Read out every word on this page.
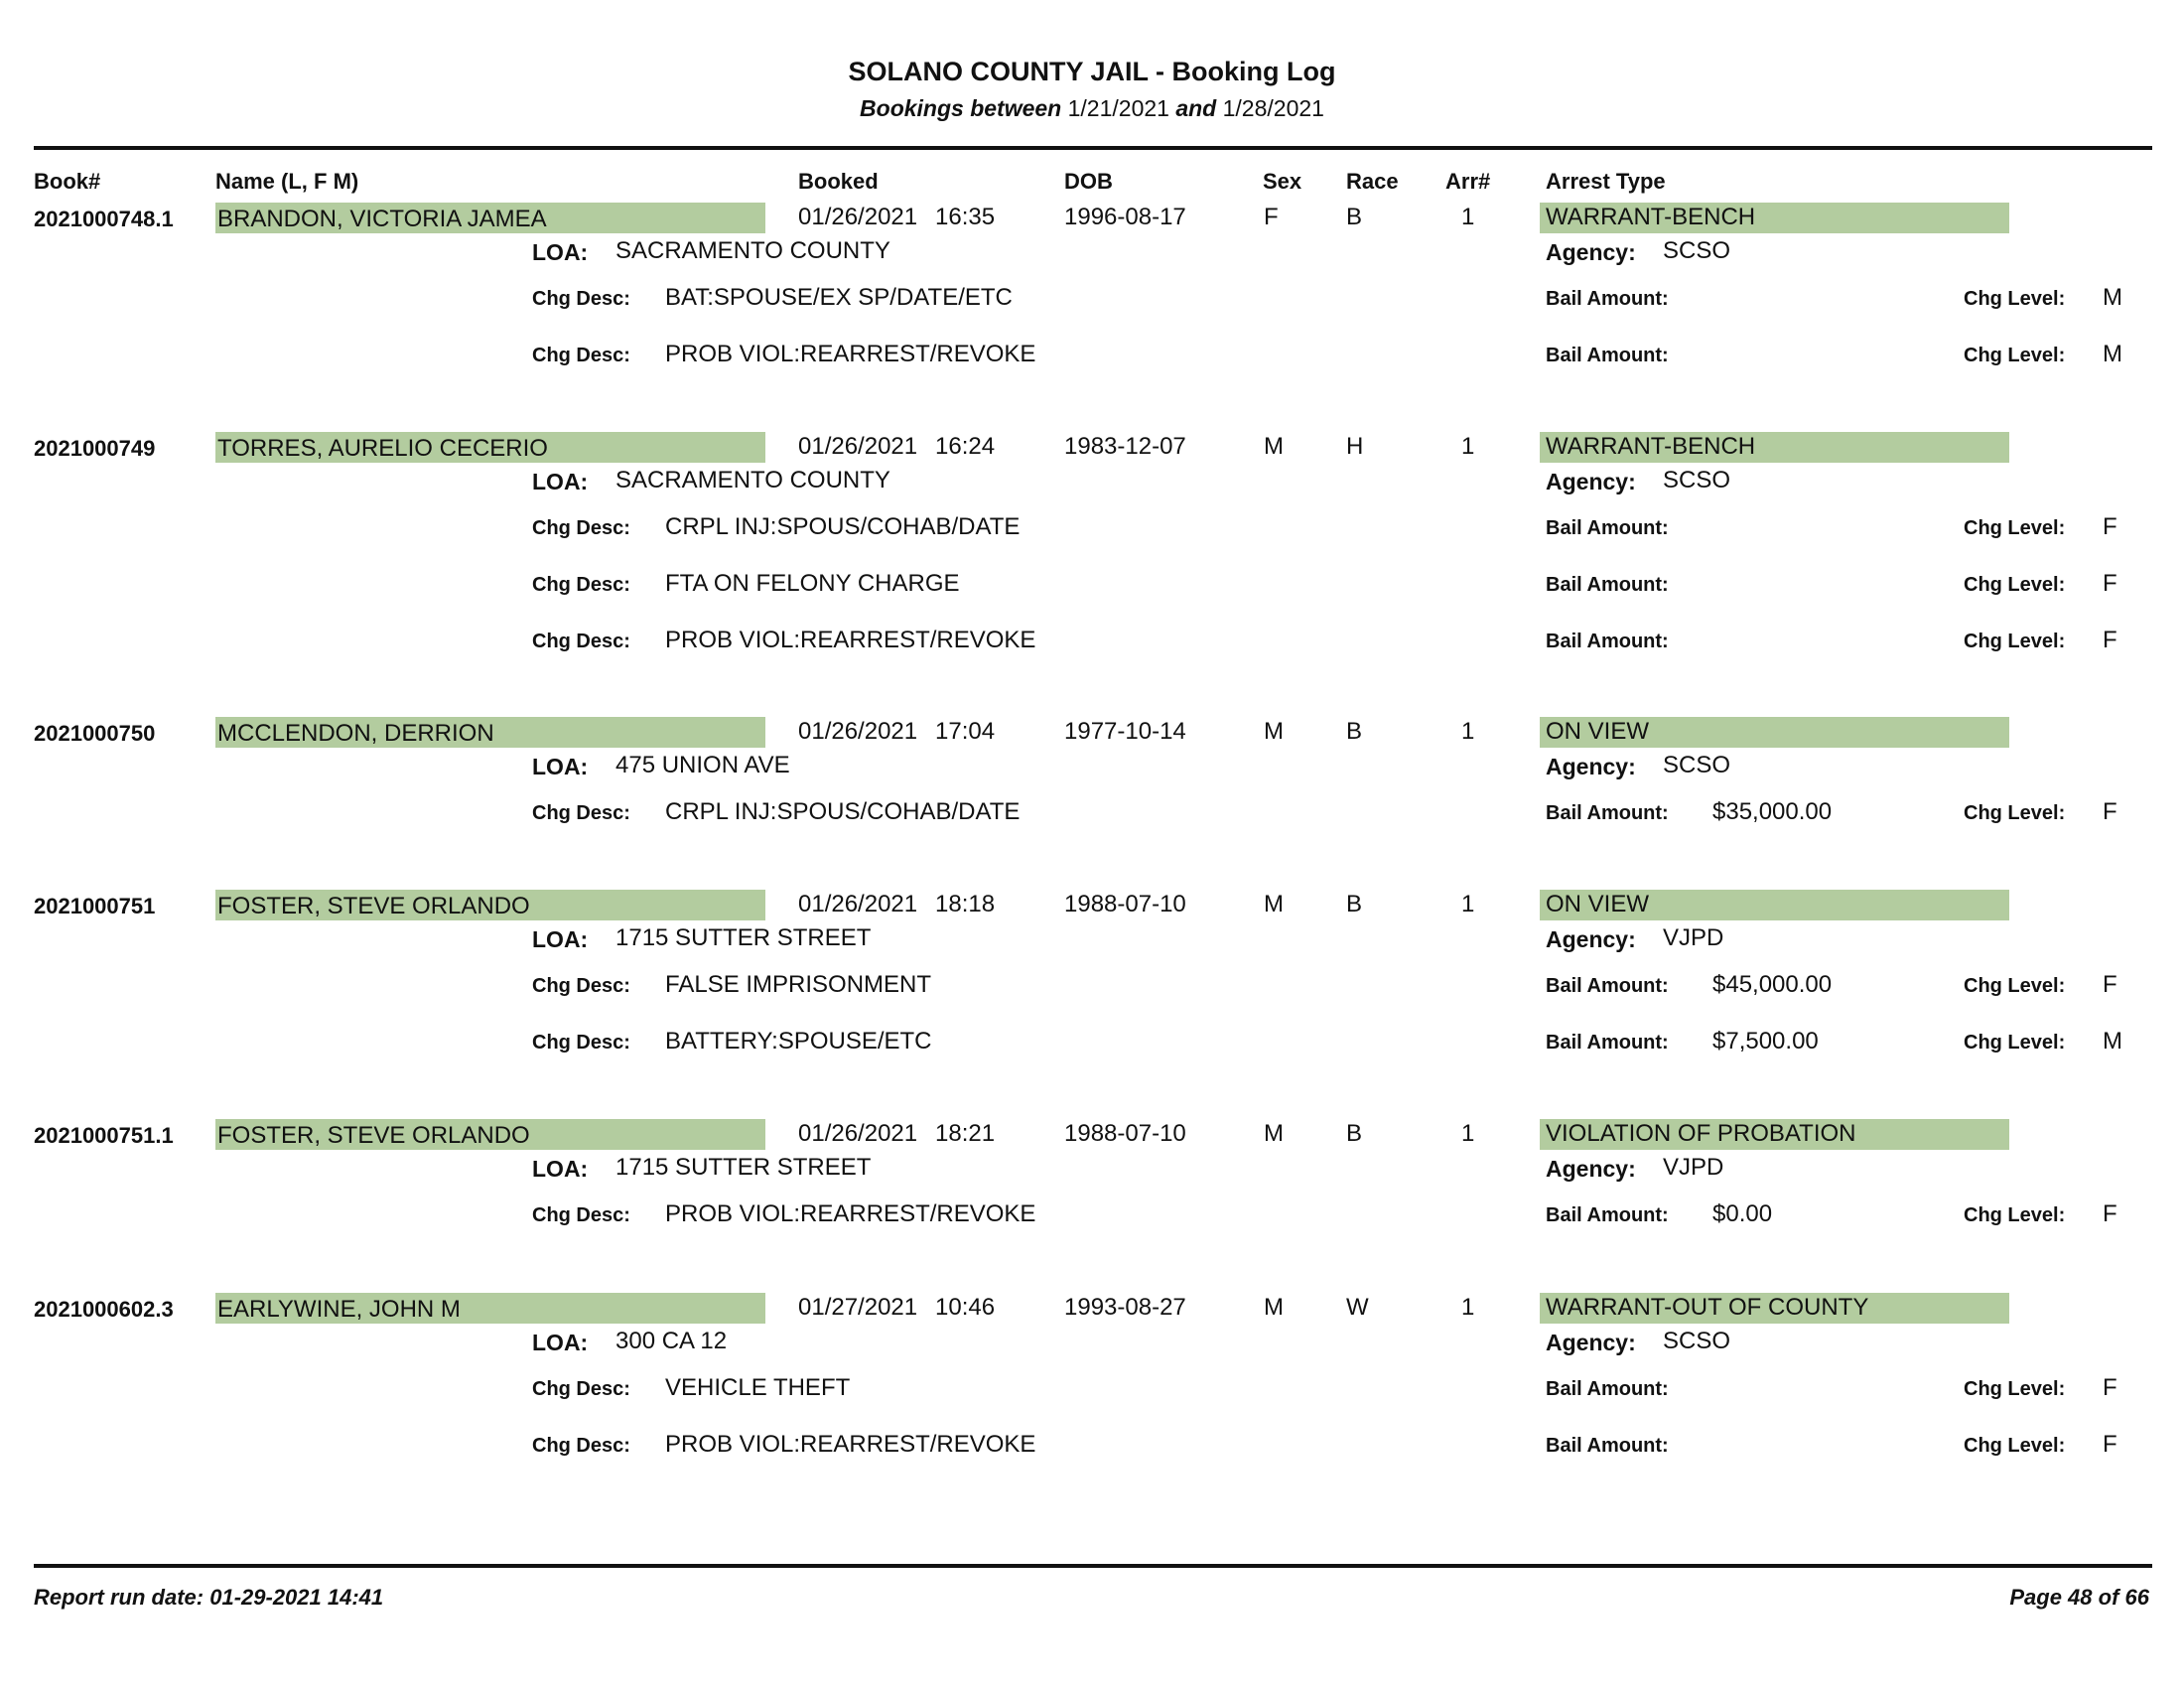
SOLANO COUNTY JAIL - Booking Log
Bookings between 1/21/2021 and 1/28/2021
Book#	Name (L, F M)	Booked	DOB	Sex Race Arr#	Arrest Type
2021000748.1 BRANDON, VICTORIA JAMEA	01/26/2021 16:35	1996-08-17	F	B	1	WARRANT-BENCH
LOA: SACRAMENTO COUNTY	Agency: SCSO
Chg Desc: BAT:SPOUSE/EX SP/DATE/ETC	Bail Amount:	Chg Level: M
Chg Desc: PROB VIOL:REARREST/REVOKE	Bail Amount:	Chg Level: M
2021000749	TORRES, AURELIO CECERIO	01/26/2021 16:24	1983-12-07	M	H	1	WARRANT-BENCH
LOA: SACRAMENTO COUNTY	Agency: SCSO
Chg Desc: CRPL INJ:SPOUS/COHAB/DATE	Bail Amount:	Chg Level: F
Chg Desc: FTA ON FELONY CHARGE	Bail Amount:	Chg Level: F
Chg Desc: PROB VIOL:REARREST/REVOKE	Bail Amount:	Chg Level: F
2021000750	MCCLENDON, DERRION	01/26/2021 17:04	1977-10-14	M	B	1	ON VIEW
LOA: 475 UNION AVE	Agency: SCSO
Chg Desc: CRPL INJ:SPOUS/COHAB/DATE	Bail Amount: $35,000.00	Chg Level: F
2021000751	FOSTER, STEVE ORLANDO	01/26/2021 18:18	1988-07-10	M	B	1	ON VIEW
LOA: 1715 SUTTER STREET	Agency: VJPD
Chg Desc: FALSE IMPRISONMENT	Bail Amount: $45,000.00	Chg Level: F
Chg Desc: BATTERY:SPOUSE/ETC	Bail Amount: $7,500.00	Chg Level: M
2021000751.1 FOSTER, STEVE ORLANDO	01/26/2021 18:21	1988-07-10	M	B	1	VIOLATION OF PROBATION
LOA: 1715 SUTTER STREET	Agency: VJPD
Chg Desc: PROB VIOL:REARREST/REVOKE	Bail Amount: $0.00	Chg Level: F
2021000602.3 EARLYWINE, JOHN M	01/27/2021 10:46	1993-08-27	M	W	1	WARRANT-OUT OF COUNTY
LOA: 300 CA 12	Agency: SCSO
Chg Desc: VEHICLE THEFT	Bail Amount:	Chg Level: F
Chg Desc: PROB VIOL:REARREST/REVOKE	Bail Amount:	Chg Level: F
Report run date: 01-29-2021 14:41	Page 48 of 66
